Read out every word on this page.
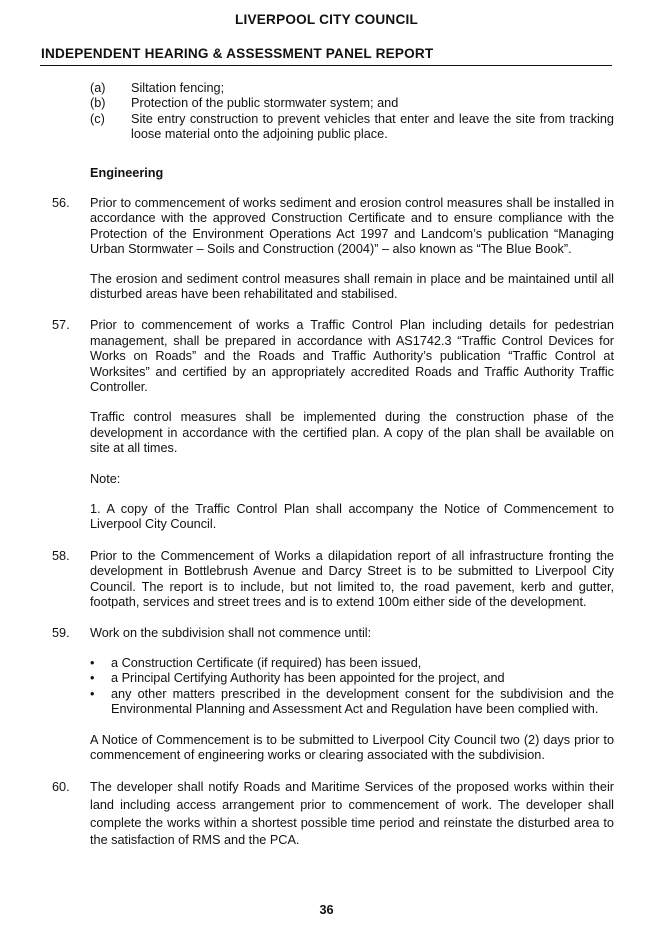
LIVERPOOL CITY COUNCIL
INDEPENDENT HEARING & ASSESSMENT PANEL REPORT
(a) Siltation fencing;
(b) Protection of the public stormwater system; and
(c) Site entry construction to prevent vehicles that enter and leave the site from tracking loose material onto the adjoining public place.
Engineering
56. Prior to commencement of works sediment and erosion control measures shall be installed in accordance with the approved Construction Certificate and to ensure compliance with the Protection of the Environment Operations Act 1997 and Landcom’s publication “Managing Urban Stormwater – Soils and Construction (2004)” – also known as “The Blue Book”.
The erosion and sediment control measures shall remain in place and be maintained until all disturbed areas have been rehabilitated and stabilised.
57. Prior to commencement of works a Traffic Control Plan including details for pedestrian management, shall be prepared in accordance with AS1742.3 “Traffic Control Devices for Works on Roads” and the Roads and Traffic Authority’s publication “Traffic Control at Worksites” and certified by an appropriately accredited Roads and Traffic Authority Traffic Controller.
Traffic control measures shall be implemented during the construction phase of the development in accordance with the certified plan. A copy of the plan shall be available on site at all times.
Note:
1. A copy of the Traffic Control Plan shall accompany the Notice of Commencement to Liverpool City Council.
58. Prior to the Commencement of Works a dilapidation report of all infrastructure fronting the development in Bottlebrush Avenue and Darcy Street is to be submitted to Liverpool City Council. The report is to include, but not limited to, the road pavement, kerb and gutter, footpath, services and street trees and is to extend 100m either side of the development.
59. Work on the subdivision shall not commence until:
• a Construction Certificate (if required) has been issued,
• a Principal Certifying Authority has been appointed for the project, and
• any other matters prescribed in the development consent for the subdivision and the Environmental Planning and Assessment Act and Regulation have been complied with.
A Notice of Commencement is to be submitted to Liverpool City Council two (2) days prior to commencement of engineering works or clearing associated with the subdivision.
60. The developer shall notify Roads and Maritime Services of the proposed works within their land including access arrangement prior to commencement of work. The developer shall complete the works within a shortest possible time period and reinstate the disturbed area to the satisfaction of RMS and the PCA.
36
